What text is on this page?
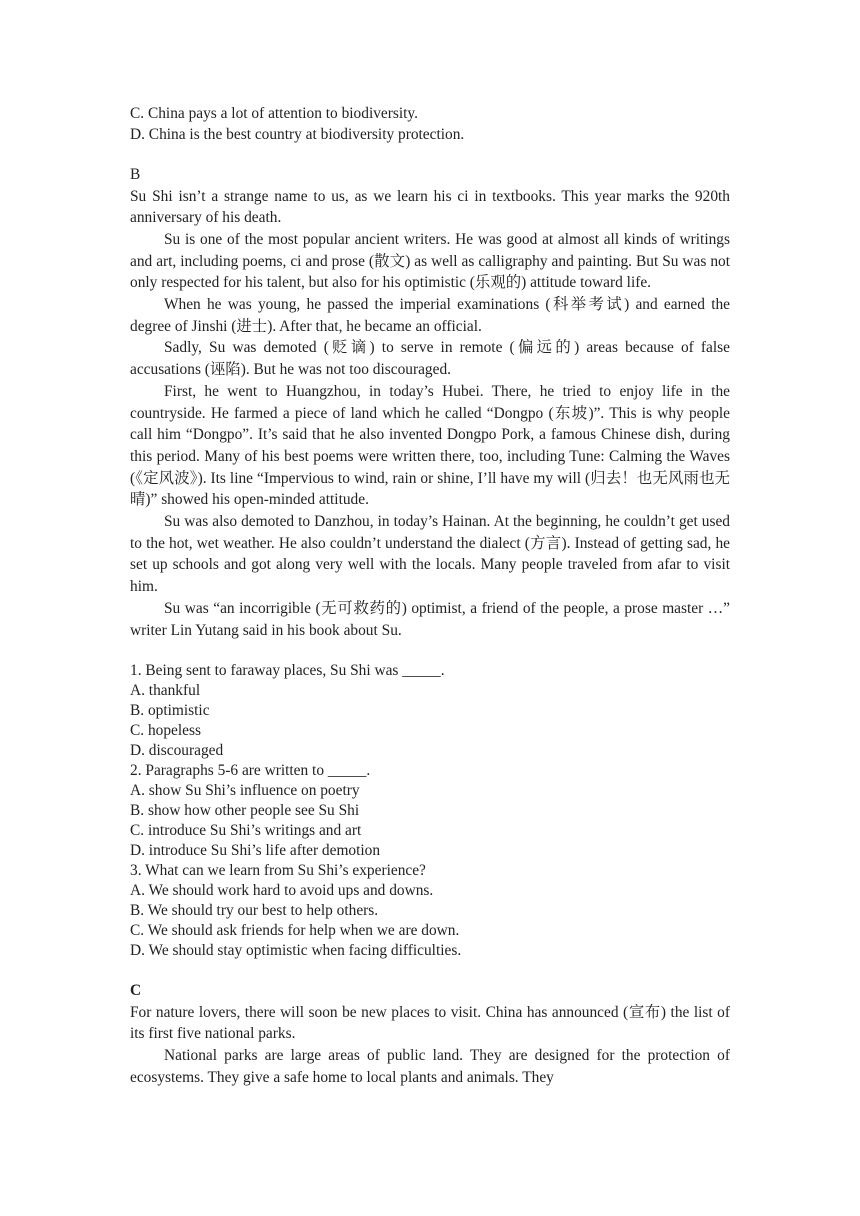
C. China pays a lot of attention to biodiversity.
D. China is the best country at biodiversity protection.
B

Su Shi isn’t a strange name to us, as we learn his ci in textbooks. This year marks the 920th anniversary of his death.

Su is one of the most popular ancient writers. He was good at almost all kinds of writings and art, including poems, ci and prose (散文) as well as calligraphy and painting. But Su was not only respected for his talent, but also for his optimistic (乐观的) attitude toward life.

When he was young, he passed the imperial examinations (科举考试) and earned the degree of Jinshi (进士). After that, he became an official.

Sadly, Su was demoted (贬谪) to serve in remote (偏远的) areas because of false accusations (诬陷). But he was not too discouraged.

First, he went to Huangzhou, in today’s Hubei. There, he tried to enjoy life in the countryside. He farmed a piece of land which he called “Dongpo (东坡)”. This is why people call him “Dongpo”. It’s said that he also invented Dongpo Pork, a famous Chinese dish, during this period. Many of his best poems were written there, too, including Tune: Calming the Waves (《定风波》). Its line “Impervious to wind, rain or shine, I’ll have my will (归去！也无风雨也无晴)” showed his open-minded attitude.

Su was also demoted to Danzhou, in today’s Hainan. At the beginning, he couldn’t get used to the hot, wet weather. He also couldn’t understand the dialect (方言). Instead of getting sad, he set up schools and got along very well with the locals. Many people traveled from afar to visit him.

Su was “an incorrigible (无可救药的) optimist, a friend of the people, a prose master …” writer Lin Yutang said in his book about Su.

1. Being sent to faraway places, Su Shi was _____.
A. thankful
B. optimistic
C. hopeless
D. discouraged
2. Paragraphs 5-6 are written to _____.
A. show Su Shi’s influence on poetry
B. show how other people see Su Shi
C. introduce Su Shi’s writings and art
D. introduce Su Shi’s life after demotion
3. What can we learn from Su Shi’s experience?
A. We should work hard to avoid ups and downs.
B. We should try our best to help others.
C. We should ask friends for help when we are down.
D. We should stay optimistic when facing difficulties.
C

For nature lovers, there will soon be new places to visit. China has announced (宣布) the list of its first five national parks.

National parks are large areas of public land. They are designed for the protection of ecosystems. They give a safe home to local plants and animals. They
